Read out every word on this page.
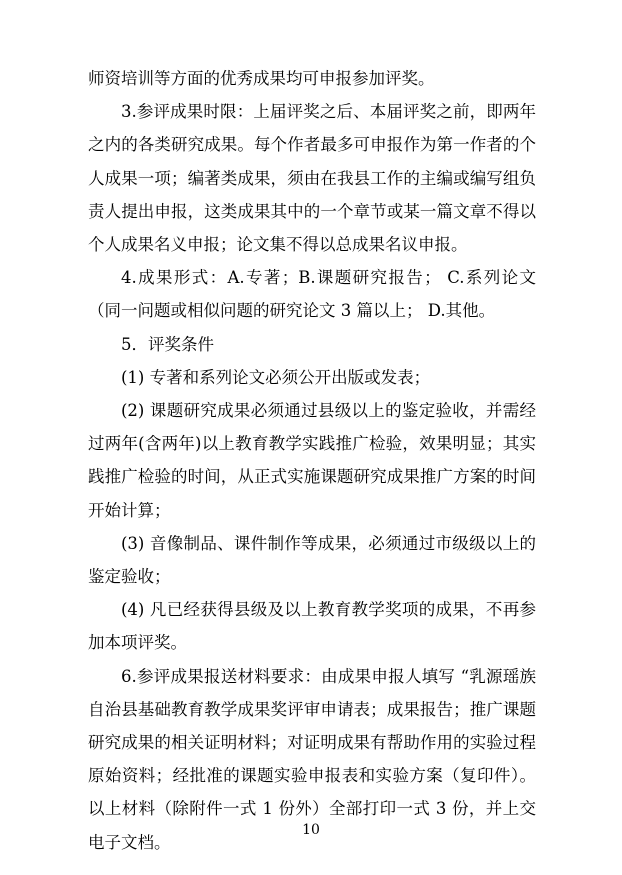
师资培训等方面的优秀成果均可申报参加评奖。

3.参评成果时限：上届评奖之后、本届评奖之前，即两年之内的各类研究成果。每个作者最多可申报作为第一作者的个人成果一项；编著类成果，须由在我县工作的主编或编写组负责人提出申报，这类成果其中的一个章节或某一篇文章不得以个人成果名义申报；论文集不得以总成果名议申报。

4.成果形式：A.专著；B.课题研究报告； C.系列论文（同一问题或相似问题的研究论文 3 篇以上； D.其他。

5．评奖条件

(1) 专著和系列论文必须公开出版或发表；

(2) 课题研究成果必须通过县级以上的鉴定验收，并需经过两年(含两年)以上教育教学实践推广检验，效果明显；其实践推广检验的时间，从正式实施课题研究成果推广方案的时间开始计算；

(3) 音像制品、课件制作等成果，必须通过市级级以上的鉴定验收；

(4) 凡已经获得县级及以上教育教学奖项的成果，不再参加本项评奖。

6.参评成果报送材料要求：由成果申报人填写 “乳源瑶族自治县基础教育教学成果奖评审申请表；成果报告；推广课题研究成果的相关证明材料；对证明成果有帮助作用的实验过程原始资料；经批准的课题实验申报表和实验方案（复印件）。以上材料（除附件一式 1 份外）全部打印一式 3 份，并上交电子文档。

10
